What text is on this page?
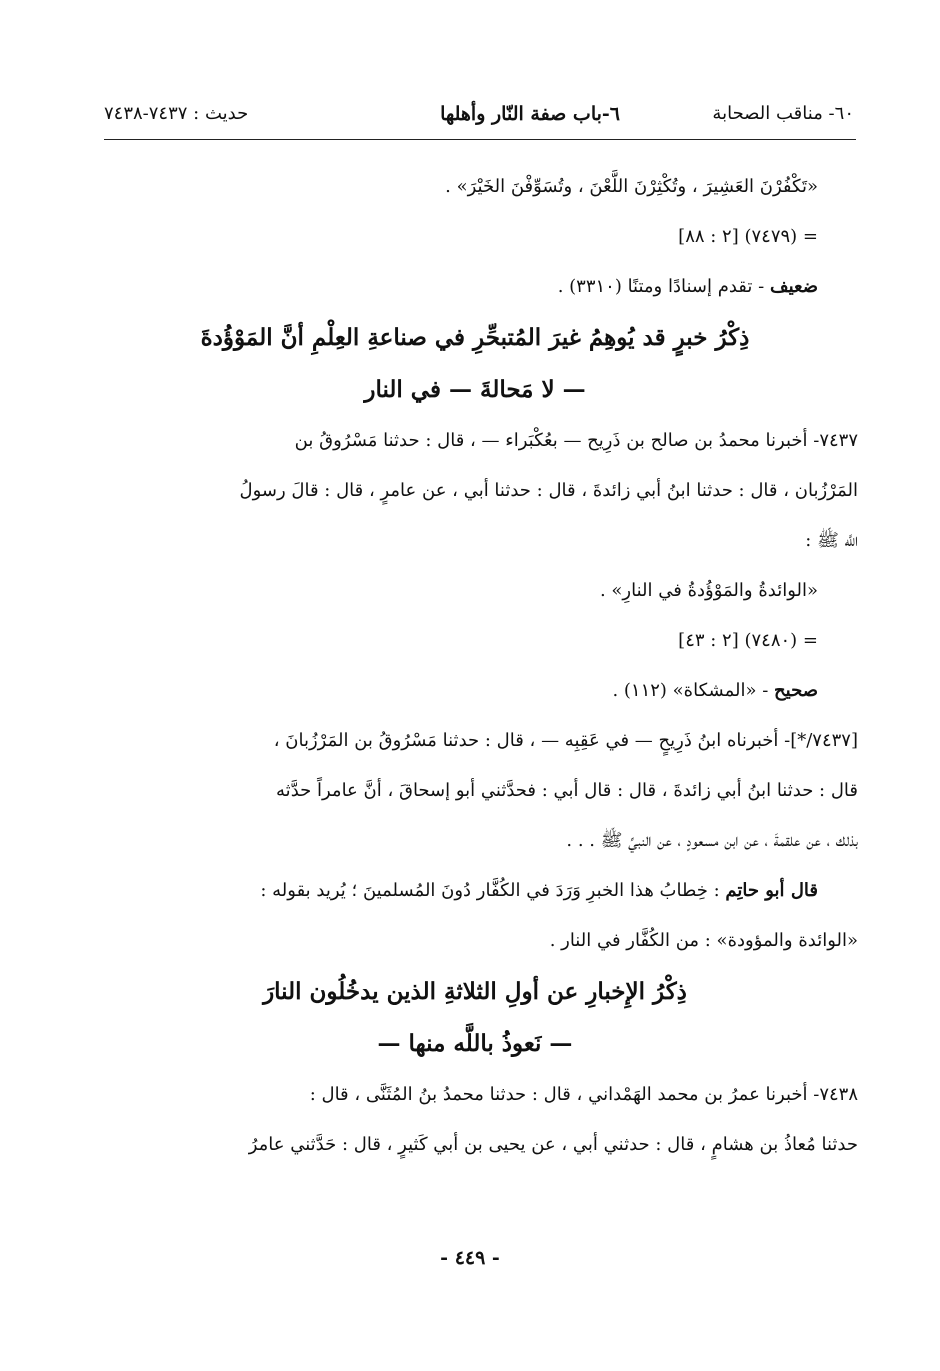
٦٠- مناقب الصحابة
٦-باب صفة النّار وأهلها
حديث : ٧٤٣٧-٧٤٣٨

«تَكْفُرْنَ العَشِيرَ ، وتُكْثِرْنَ اللَّعْنَ ، وتُسَوِّفْنَ الخَيْرَ» .

= (٧٤٧٩) [٢ : ٨٨]

ضعيف - تقدم إسنادًا ومتنًا (٣٣١٠) .

ذِكْرُ خبرٍ قد يُوهِمُ غيرَ المُتبحِّرِ في صناعةِ العِلْمِ أنَّ المَوْؤُدةَ

— لا مَحالةَ — في النار

٧٤٣٧- أخبرنا محمدُ بن صالح بن ذَرِيح — بعُكْبَراء — ، قال : حدثنا مَسْرُوقُ بن

المَرْزُبان ، قال : حدثنا ابنُ أبي زائدةَ ، قال : حدثنا أبي ، عن عامرٍ ، قال : قالَ رسولُ

اللَّه ﷺ :

«الوائدةُ والمَوْؤُدةُ في النارِ» .

= (٧٤٨٠) [٢ : ٤٣]

صحيح - «المشكاة» (١١٢) .

[٧٤٣٧/*]- أخبرناه ابنُ ذَرِيحٍ — في عَقِبِه — ، قال : حدثنا مَسْرُوقُ بن المَرْزُبانَ ،

قال : حدثنا ابنُ أبي زائدةَ ، قال : قال أبي : فحدَّثني أبو إسحاقَ ، أنَّ عامراً حدَّثه

بذلك ، عن علقمةَ ، عن ابن مسعودٍ ، عن النبيِّ ﷺ . . .

قال أبو حاتِم : خِطابُ هذا الخبرِ وَرَدَ في الكُفَّار دُونَ المُسلمينَ ؛ يُريد بقوله :

«الوائدة والمؤودة» : من الكُفَّار في النار .

ذِكْرُ الإِخبارِ عن أولِ الثلاثةِ الذين يدخُلُون النارَ

— نَعوذُ باللَّه منها —

٧٤٣٨- أخبرنا عمرُ بن محمد الهَمْداني ، قال : حدثنا محمدُ بنُ المُثَنَّى ، قال :

حدثنا مُعاذُ بن هشامٍ ، قال : حدثني أبي ، عن يحيى بن أبي كَثيرٍ ، قال : حَدَّثني عامرُ

- ٤٤٩ -
